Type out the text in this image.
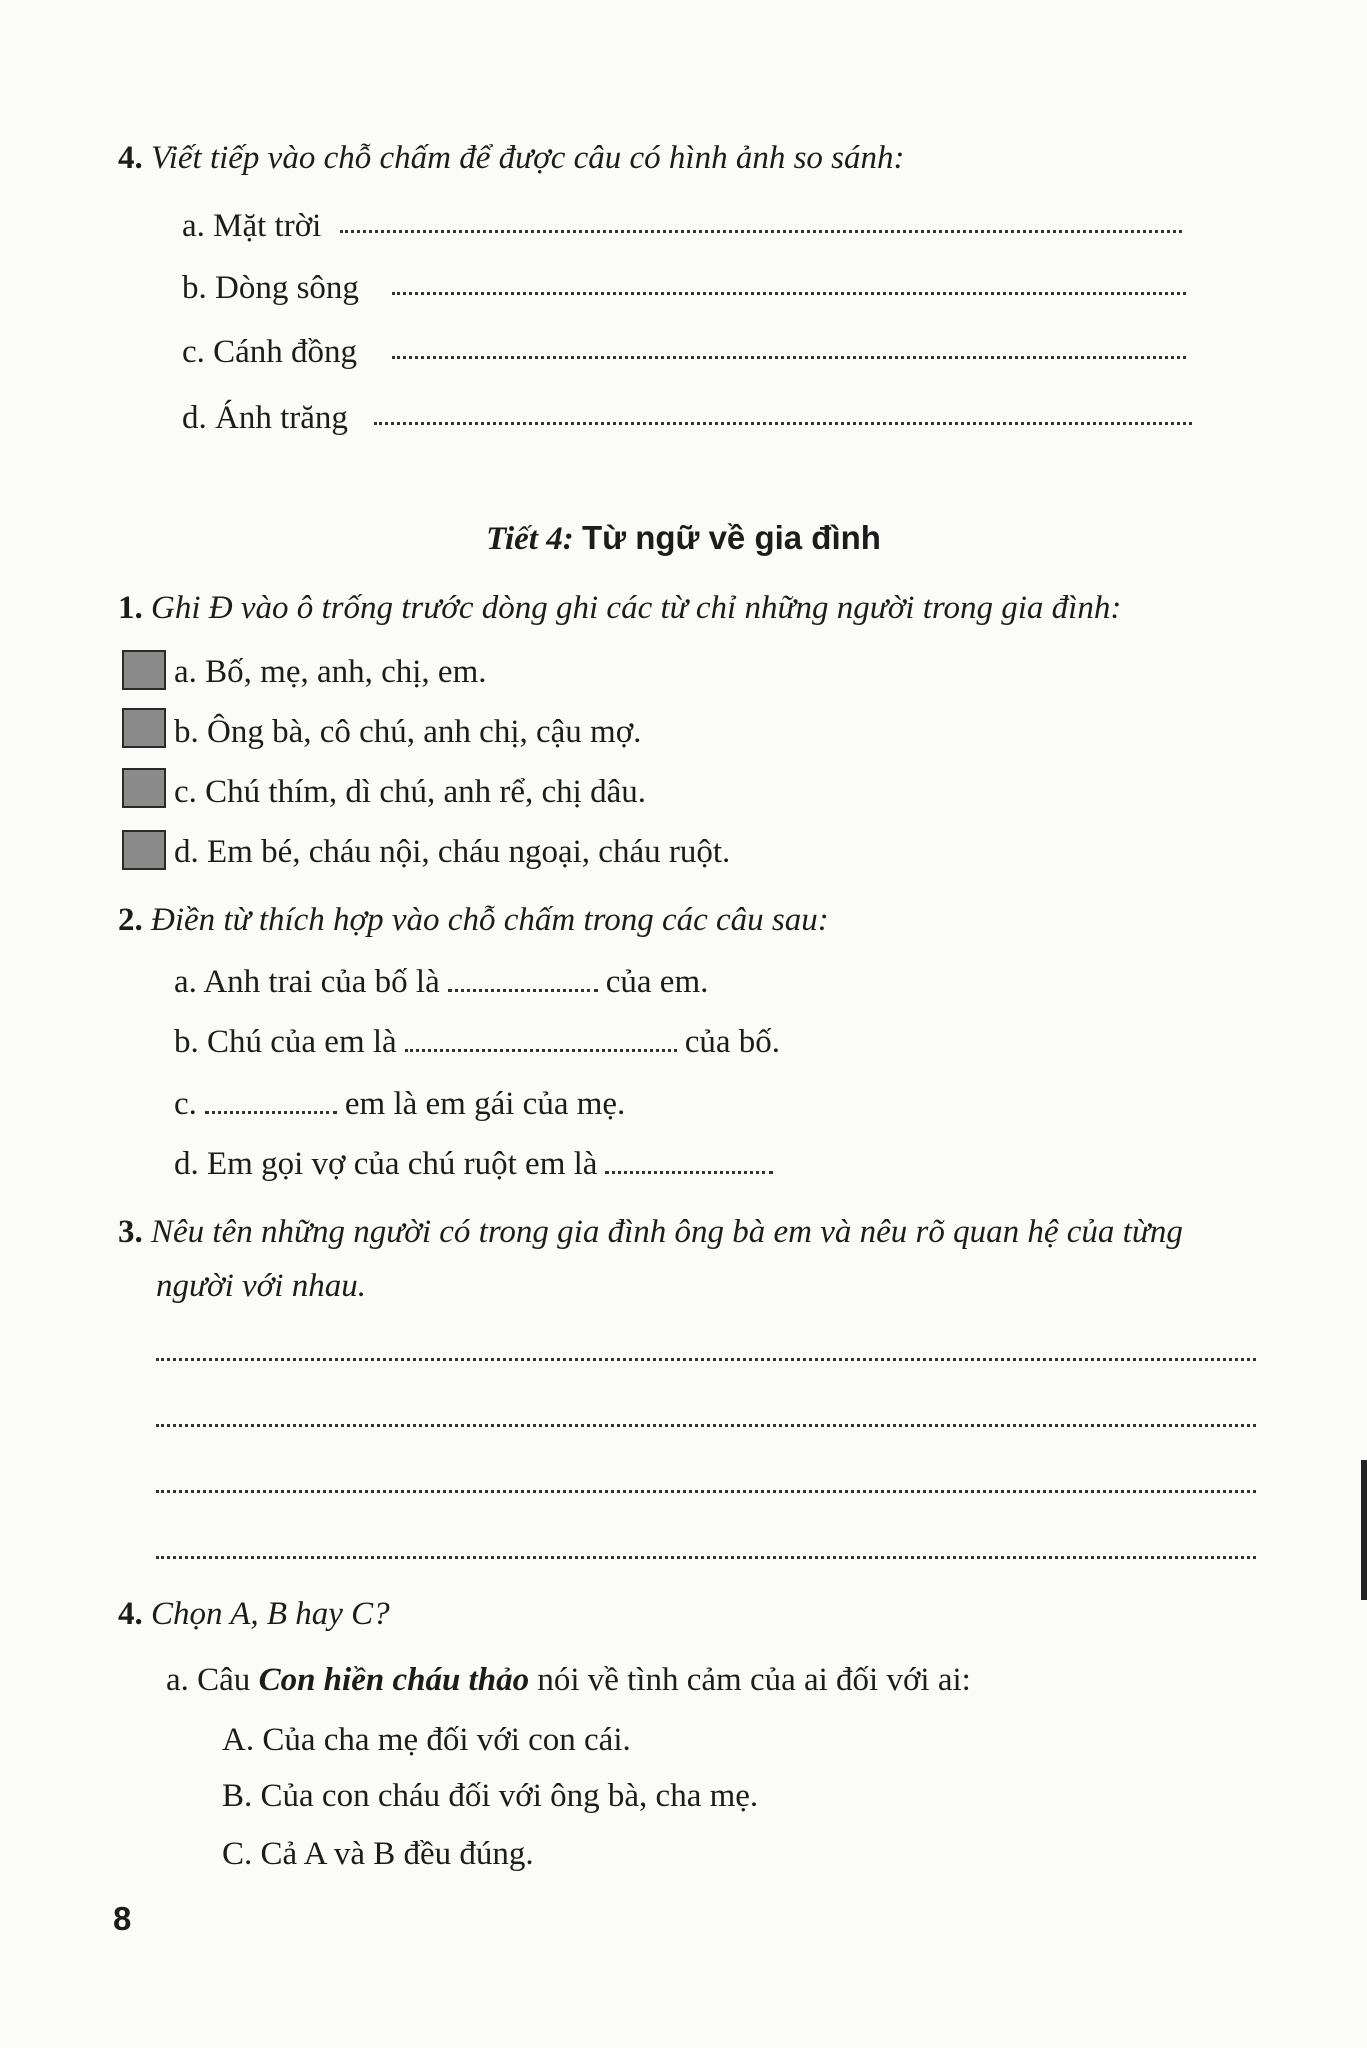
4. Viết tiếp vào chỗ chấm để được câu có hình ảnh so sánh:
a. Mặt trời
b. Dòng sông
c. Cánh đồng
d. Ánh trăng
Tiết 4: Từ ngữ về gia đình
1. Ghi Đ vào ô trống trước dòng ghi các từ chỉ những người trong gia đình:
a. Bố, mẹ, anh, chị, em.
b. Ông bà, cô chú, anh chị, cậu mợ.
c. Chú thím, dì chú, anh rể, chị dâu.
d. Em bé, cháu nội, cháu ngoại, cháu ruột.
2. Điền từ thích hợp vào chỗ chấm trong các câu sau:
a. Anh trai của bố là	của em.
b. Chú của em là	của bố.
c.	em là em gái của mẹ.
d. Em gọi vợ của chú ruột em là
3. Nêu tên những người có trong gia đình ông bà em và nêu rõ quan hệ của từng
người với nhau.
4. Chọn A, B hay C?
a. Câu Con hiền cháu thảo nói về tình cảm của ai đối với ai:
A. Của cha mẹ đối với con cái.
B. Của con cháu đối với ông bà, cha mẹ.
C. Cả A và B đều đúng.
8
